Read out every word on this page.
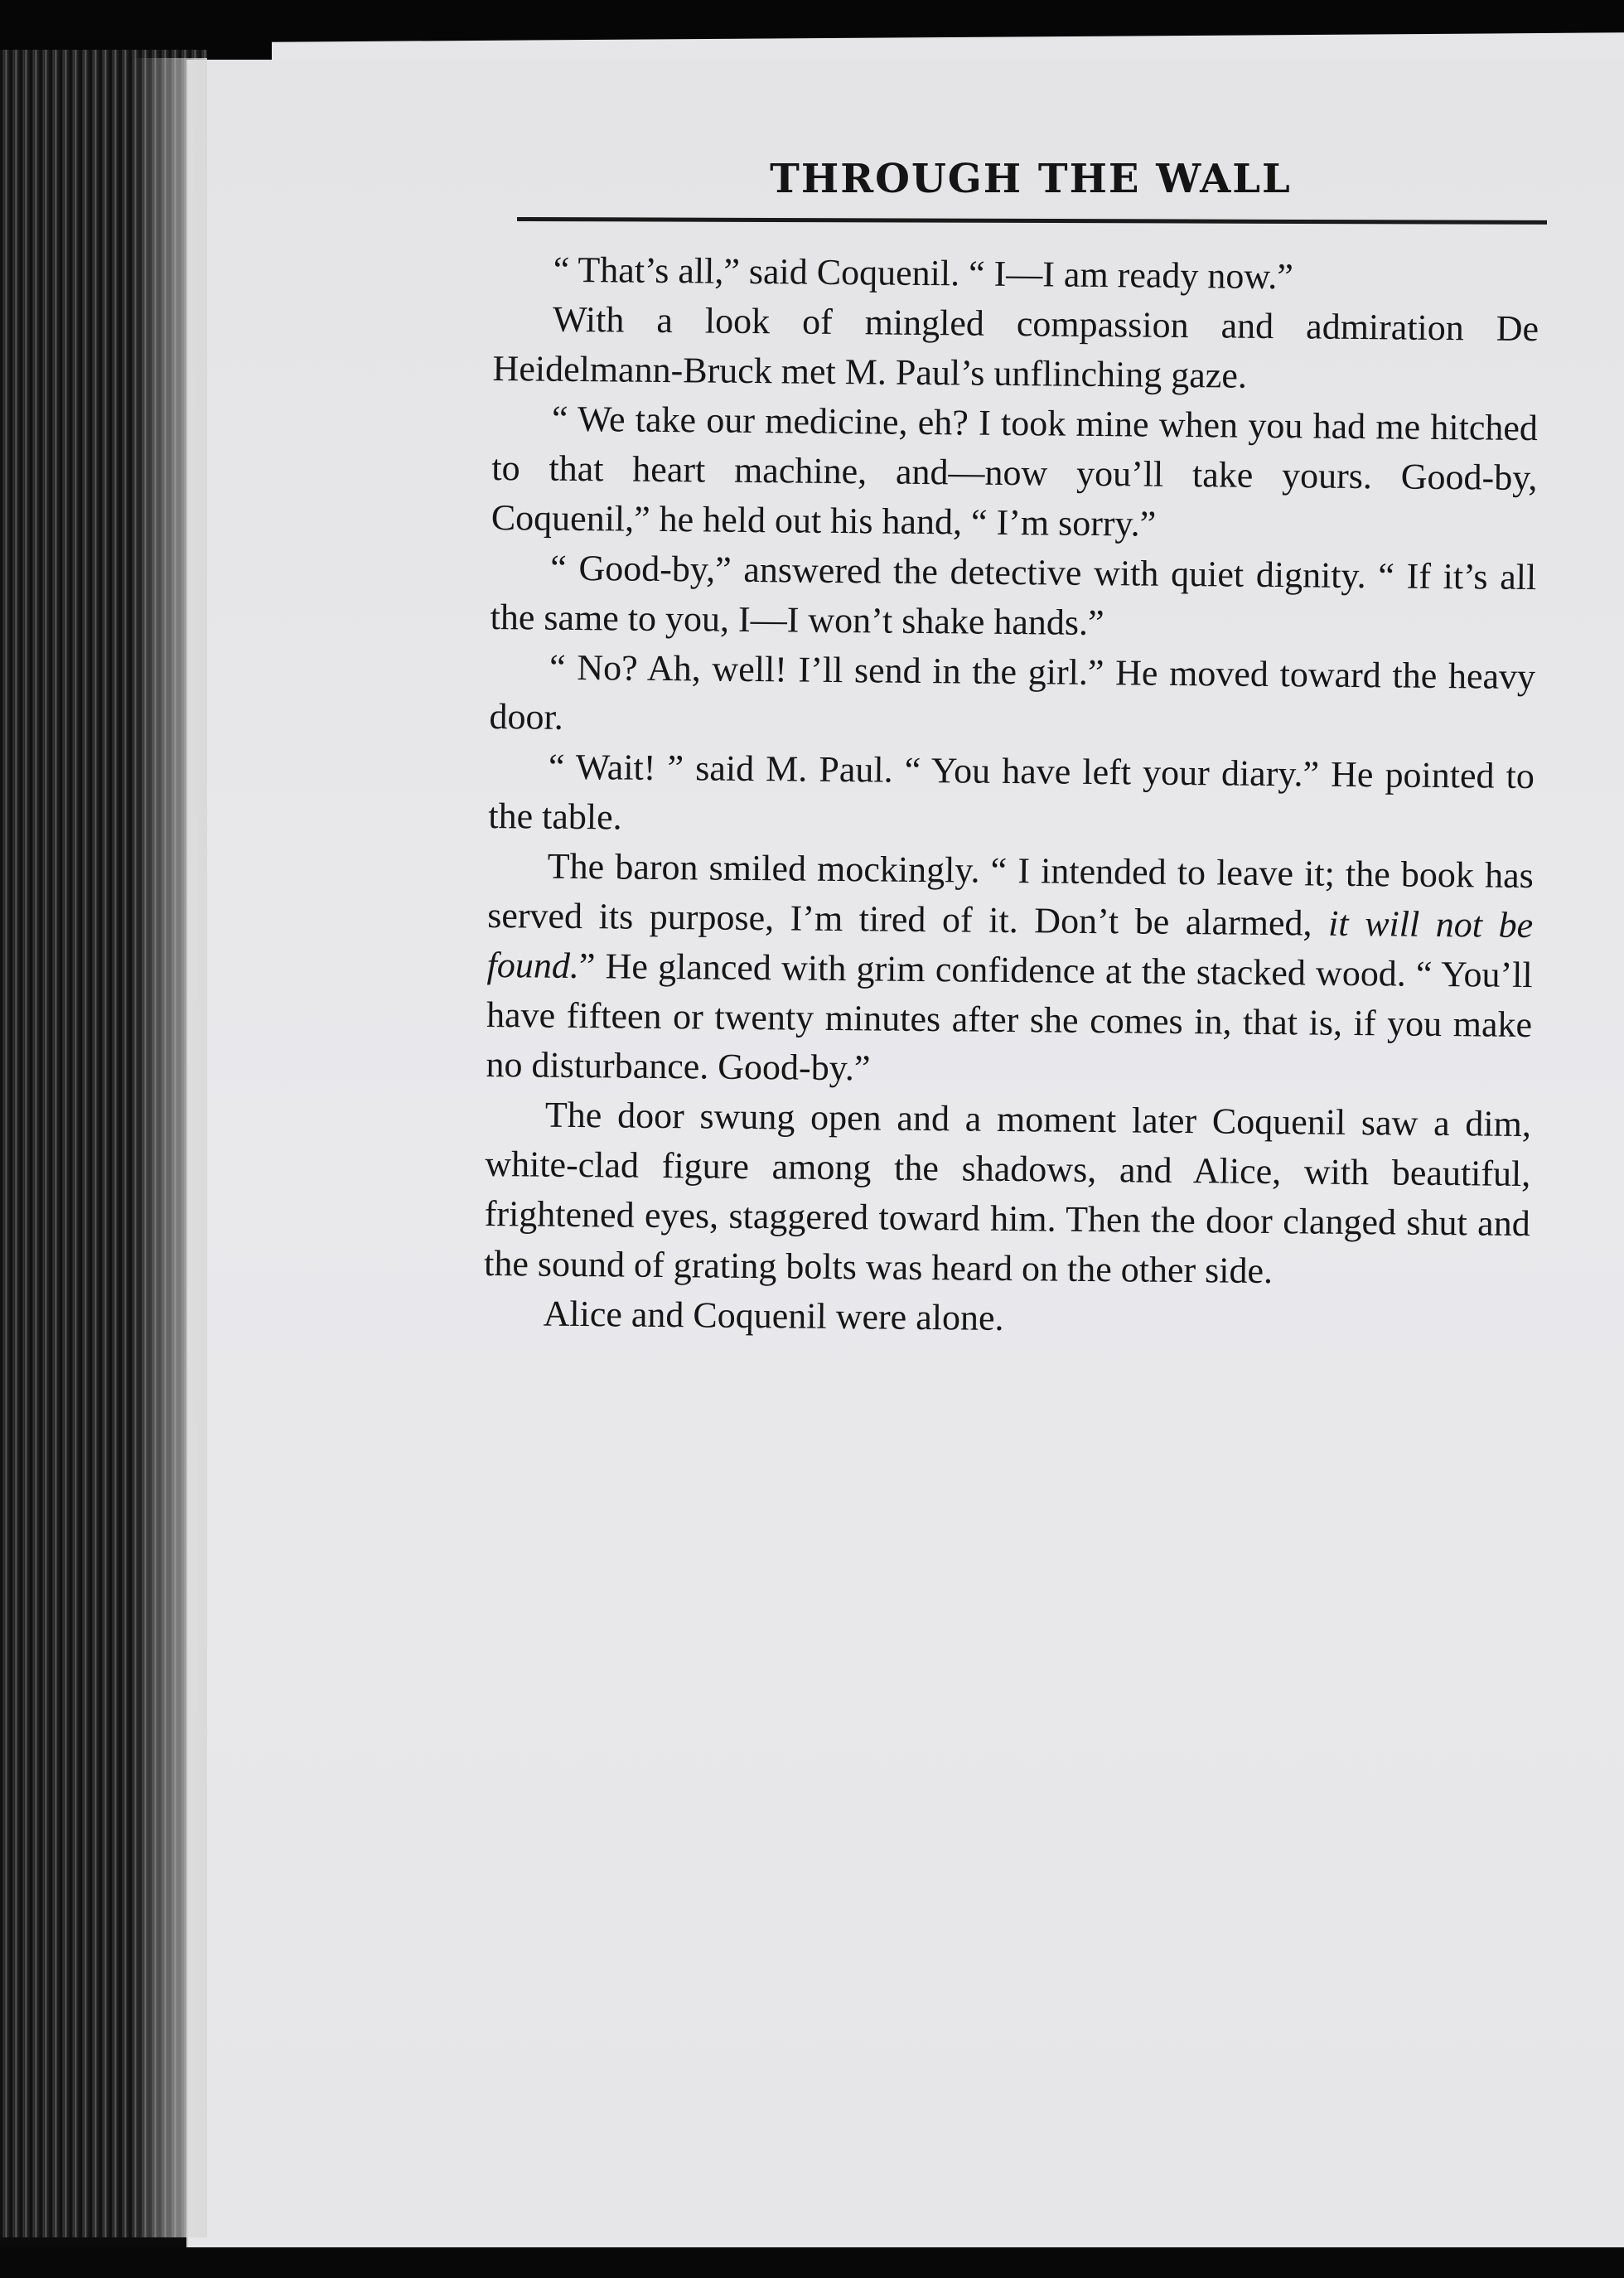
THROUGH THE WALL

“ That’s all,” said Coquenil. “ I—I am ready now.”

With a look of mingled compassion and admiration De Heidelmann-Bruck met M. Paul’s unflinching gaze.

“ We take our medicine, eh? I took mine when you had me hitched to that heart machine, and—now you’ll take yours. Good-by, Coquenil,” he held out his hand, “ I’m sorry.”

“ Good-by,” answered the detective with quiet dignity. “ If it’s all the same to you, I—I won’t shake hands.”

“ No? Ah, well! I’ll send in the girl.” He moved toward the heavy door.

“ Wait! ” said M. Paul. “ You have left your diary.” He pointed to the table.

The baron smiled mockingly. “ I intended to leave it; the book has served its purpose, I’m tired of it. Don’t be alarmed, it will not be found.” He glanced with grim confidence at the stacked wood. “ You’ll have fifteen or twenty minutes after she comes in, that is, if you make no disturbance. Good-by.”

The door swung open and a moment later Coquenil saw a dim, white-clad figure among the shadows, and Alice, with beautiful, frightened eyes, staggered toward him. Then the door clanged shut and the sound of grating bolts was heard on the other side.

Alice and Coquenil were alone.
